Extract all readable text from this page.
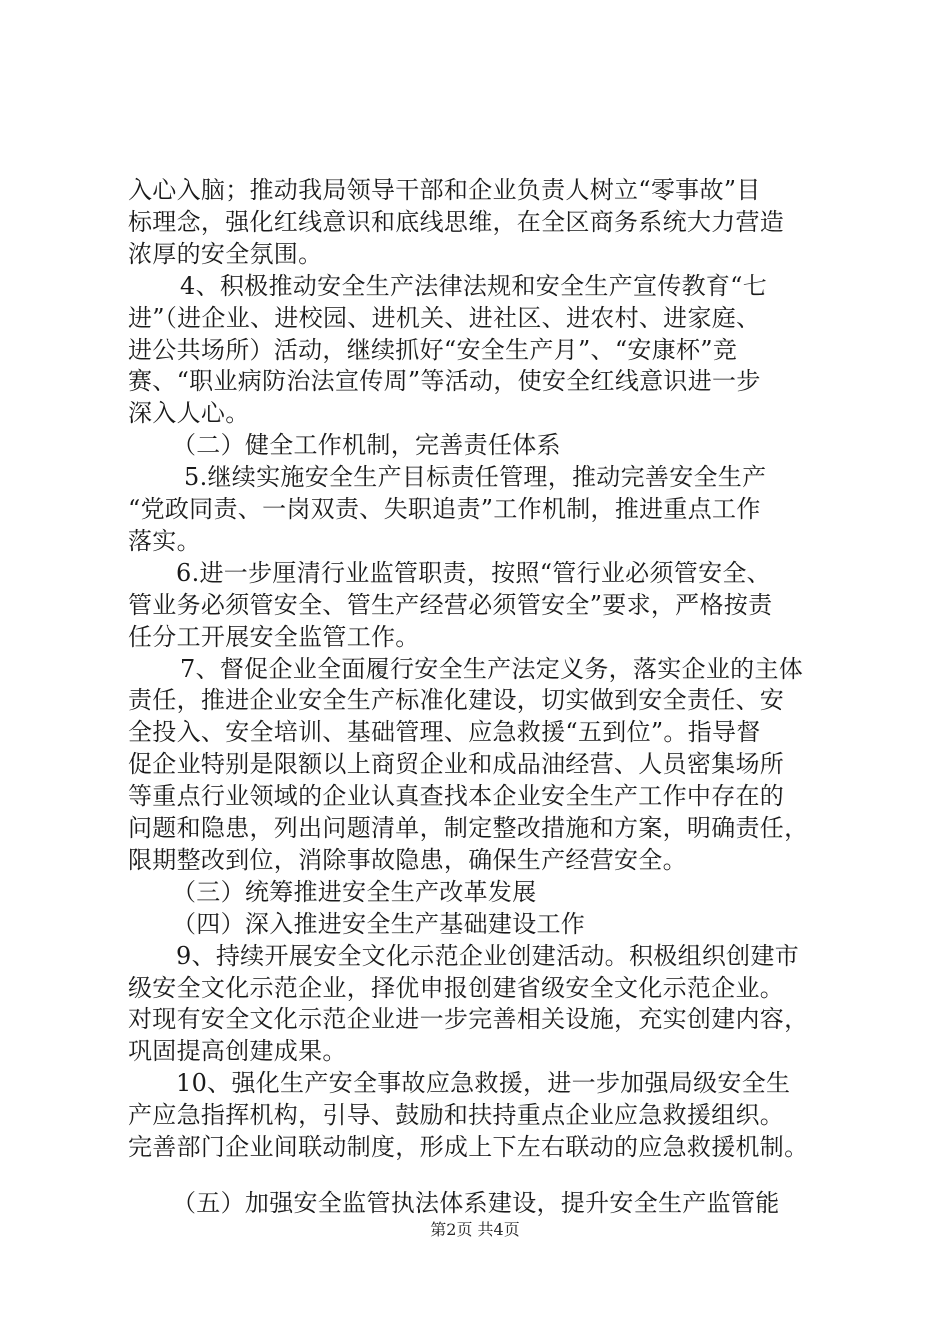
入心入脑；推动我局领导干部和企业负责人树立“零事故”目
标理念，强化红线意识和底线思维，在全区商务系统大力营造
浓厚的安全氛围。
4、积极推动安全生产法律法规和安全生产宣传教育“七
进”（进企业、进校园、进机关、进社区、进农村、进家庭、
进公共场所）活动，继续抓好“安全生产月”、“安康杯”竞
赛、“职业病防治法宣传周”等活动，使安全红线意识进一步
深入人心。
（二）健全工作机制，完善责任体系
5.继续实施安全生产目标责任管理，推动完善安全生产
“党政同责、一岗双责、失职追责”工作机制，推进重点工作
落实。
6.进一步厘清行业监管职责，按照“管行业必须管安全、
管业务必须管安全、管生产经营必须管安全”要求，严格按责
任分工开展安全监管工作。
7、督促企业全面履行安全生产法定义务，落实企业的主体
责任，推进企业安全生产标准化建设，切实做到安全责任、安
全投入、安全培训、基础管理、应急救援“五到位”。指导督
促企业特别是限额以上商贸企业和成品油经营、人员密集场所
等重点行业领域的企业认真查找本企业安全生产工作中存在的
问题和隐患，列出问题清单，制定整改措施和方案，明确责任，
限期整改到位，消除事故隐患，确保生产经营安全。
（三）统筹推进安全生产改革发展
（四）深入推进安全生产基础建设工作
9、持续开展安全文化示范企业创建活动。积极组织创建市
级安全文化示范企业，择优申报创建省级安全文化示范企业。
对现有安全文化示范企业进一步完善相关设施，充实创建内容，
巩固提高创建成果。
10、强化生产安全事故应急救援，进一步加强局级安全生
产应急指挥机构，引导、鼓励和扶持重点企业应急救援组织。
完善部门企业间联动制度，形成上下左右联动的应急救援机制。
（五）加强安全监管执法体系建设，提升安全生产监管能
第2页 共4页
